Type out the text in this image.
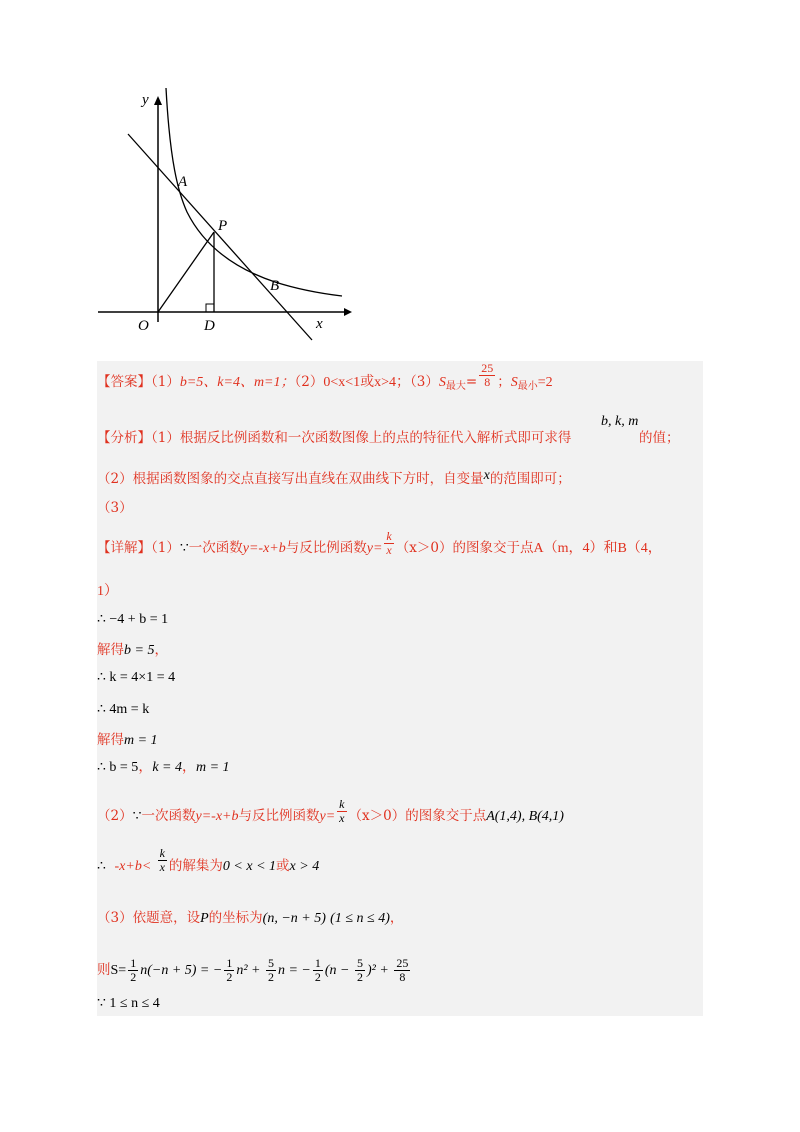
y
x
O
A
P
B
D
【答案】（1）b=5、k=4、m=1；（2）0<x<1或x>4；$(3)S_{最大}= \frac{25}{8}$ ；$S_{最小}=2$
【分析】（1）根据反比例函数和一次函数图像上的点的特征代入解析式即可求得
b, k, m
的值；
（2）根据函数图象的交点直接写出直线在双曲线下方时，自变量x的范围即可；
（3）
【详解】（1）∵一次函数y=-x+b与反比例函数$y= \frac{k}{x} (x>0)$的图象交于点A（m，4）和B（4，
1）
∴ −4 + b = 1
解得b = 5，
∴ k = 4×1 = 4
∴ 4m = k
解得m = 1
∴ b = 5，k = 4，m = 1
（2）∵一次函数y=-x+b与反比例函数$y= \frac{k}{x} (x>0)$的图象交于点A(1,4), B(4,1)
∴ $-x+b< \frac{k}{x}$ 的解集为0 < x < 1或x > 4
（3）依题意，设P的坐标为(n, −n + 5) (1 ≤ n ≤ 4)，
则$S= \frac{1}{2} n(-n + 5)$ = − $\frac{1}{2} n^2 + \frac{5}{2}$ n = − $\frac{1}{2} (n - \frac{5}{2} )^2 + \frac{25}{8}$
∵ 1 ≤ n ≤ 4
